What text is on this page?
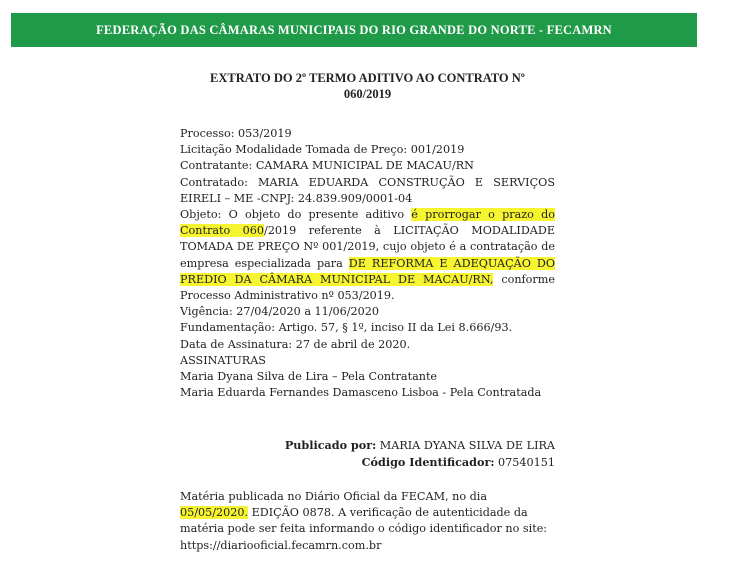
FEDERAÇÃO DAS CÂMARAS MUNICIPAIS DO RIO GRANDE DO NORTE - FECAMRN
EXTRATO DO 2º TERMO ADITIVO AO CONTRATO Nº
060/2019

Processo: 053/2019

Licitação Modalidade Tomada de Preço: 001/2019

Contratante: CAMARA MUNICIPAL DE MACAU/RN

Contratado: MARIA EDUARDA CONSTRUÇÃO E SERVIÇOS EIRELI – ME -CNPJ: 24.839.909/0001-04

Objeto: O objeto do presente aditivo é prorrogar o prazo do Contrato 060/2019 referente à LICITAÇÃO MODALIDADE TOMADA DE PREÇO Nº 001/2019, cujo objeto é a contratação de empresa especializada para DE REFORMA E ADEQUAÇÃO DO PREDIO DA CÂMARA MUNICIPAL DE MACAU/RN, conforme Processo Administrativo nº 053/2019.

Vigência: 27/04/2020 a 11/06/2020

Fundamentação: Artigo. 57, § 1º, inciso II da Lei 8.666/93.

Data de Assinatura: 27 de abril de 2020.

ASSINATURAS

Maria Dyana Silva de Lira – Pela Contratante

Maria Eduarda Fernandes Damasceno Lisboa - Pela Contratada

Publicado por: MARIA DYANA SILVA DE LIRA

Código Identificador: 07540151

Matéria publicada no Diário Oficial da FECAM, no dia 05/05/2020. EDIÇÃO 0878. A verificação de autenticidade da matéria pode ser feita informando o código identificador no site:

https://diariooficial.fecamrn.com.br
